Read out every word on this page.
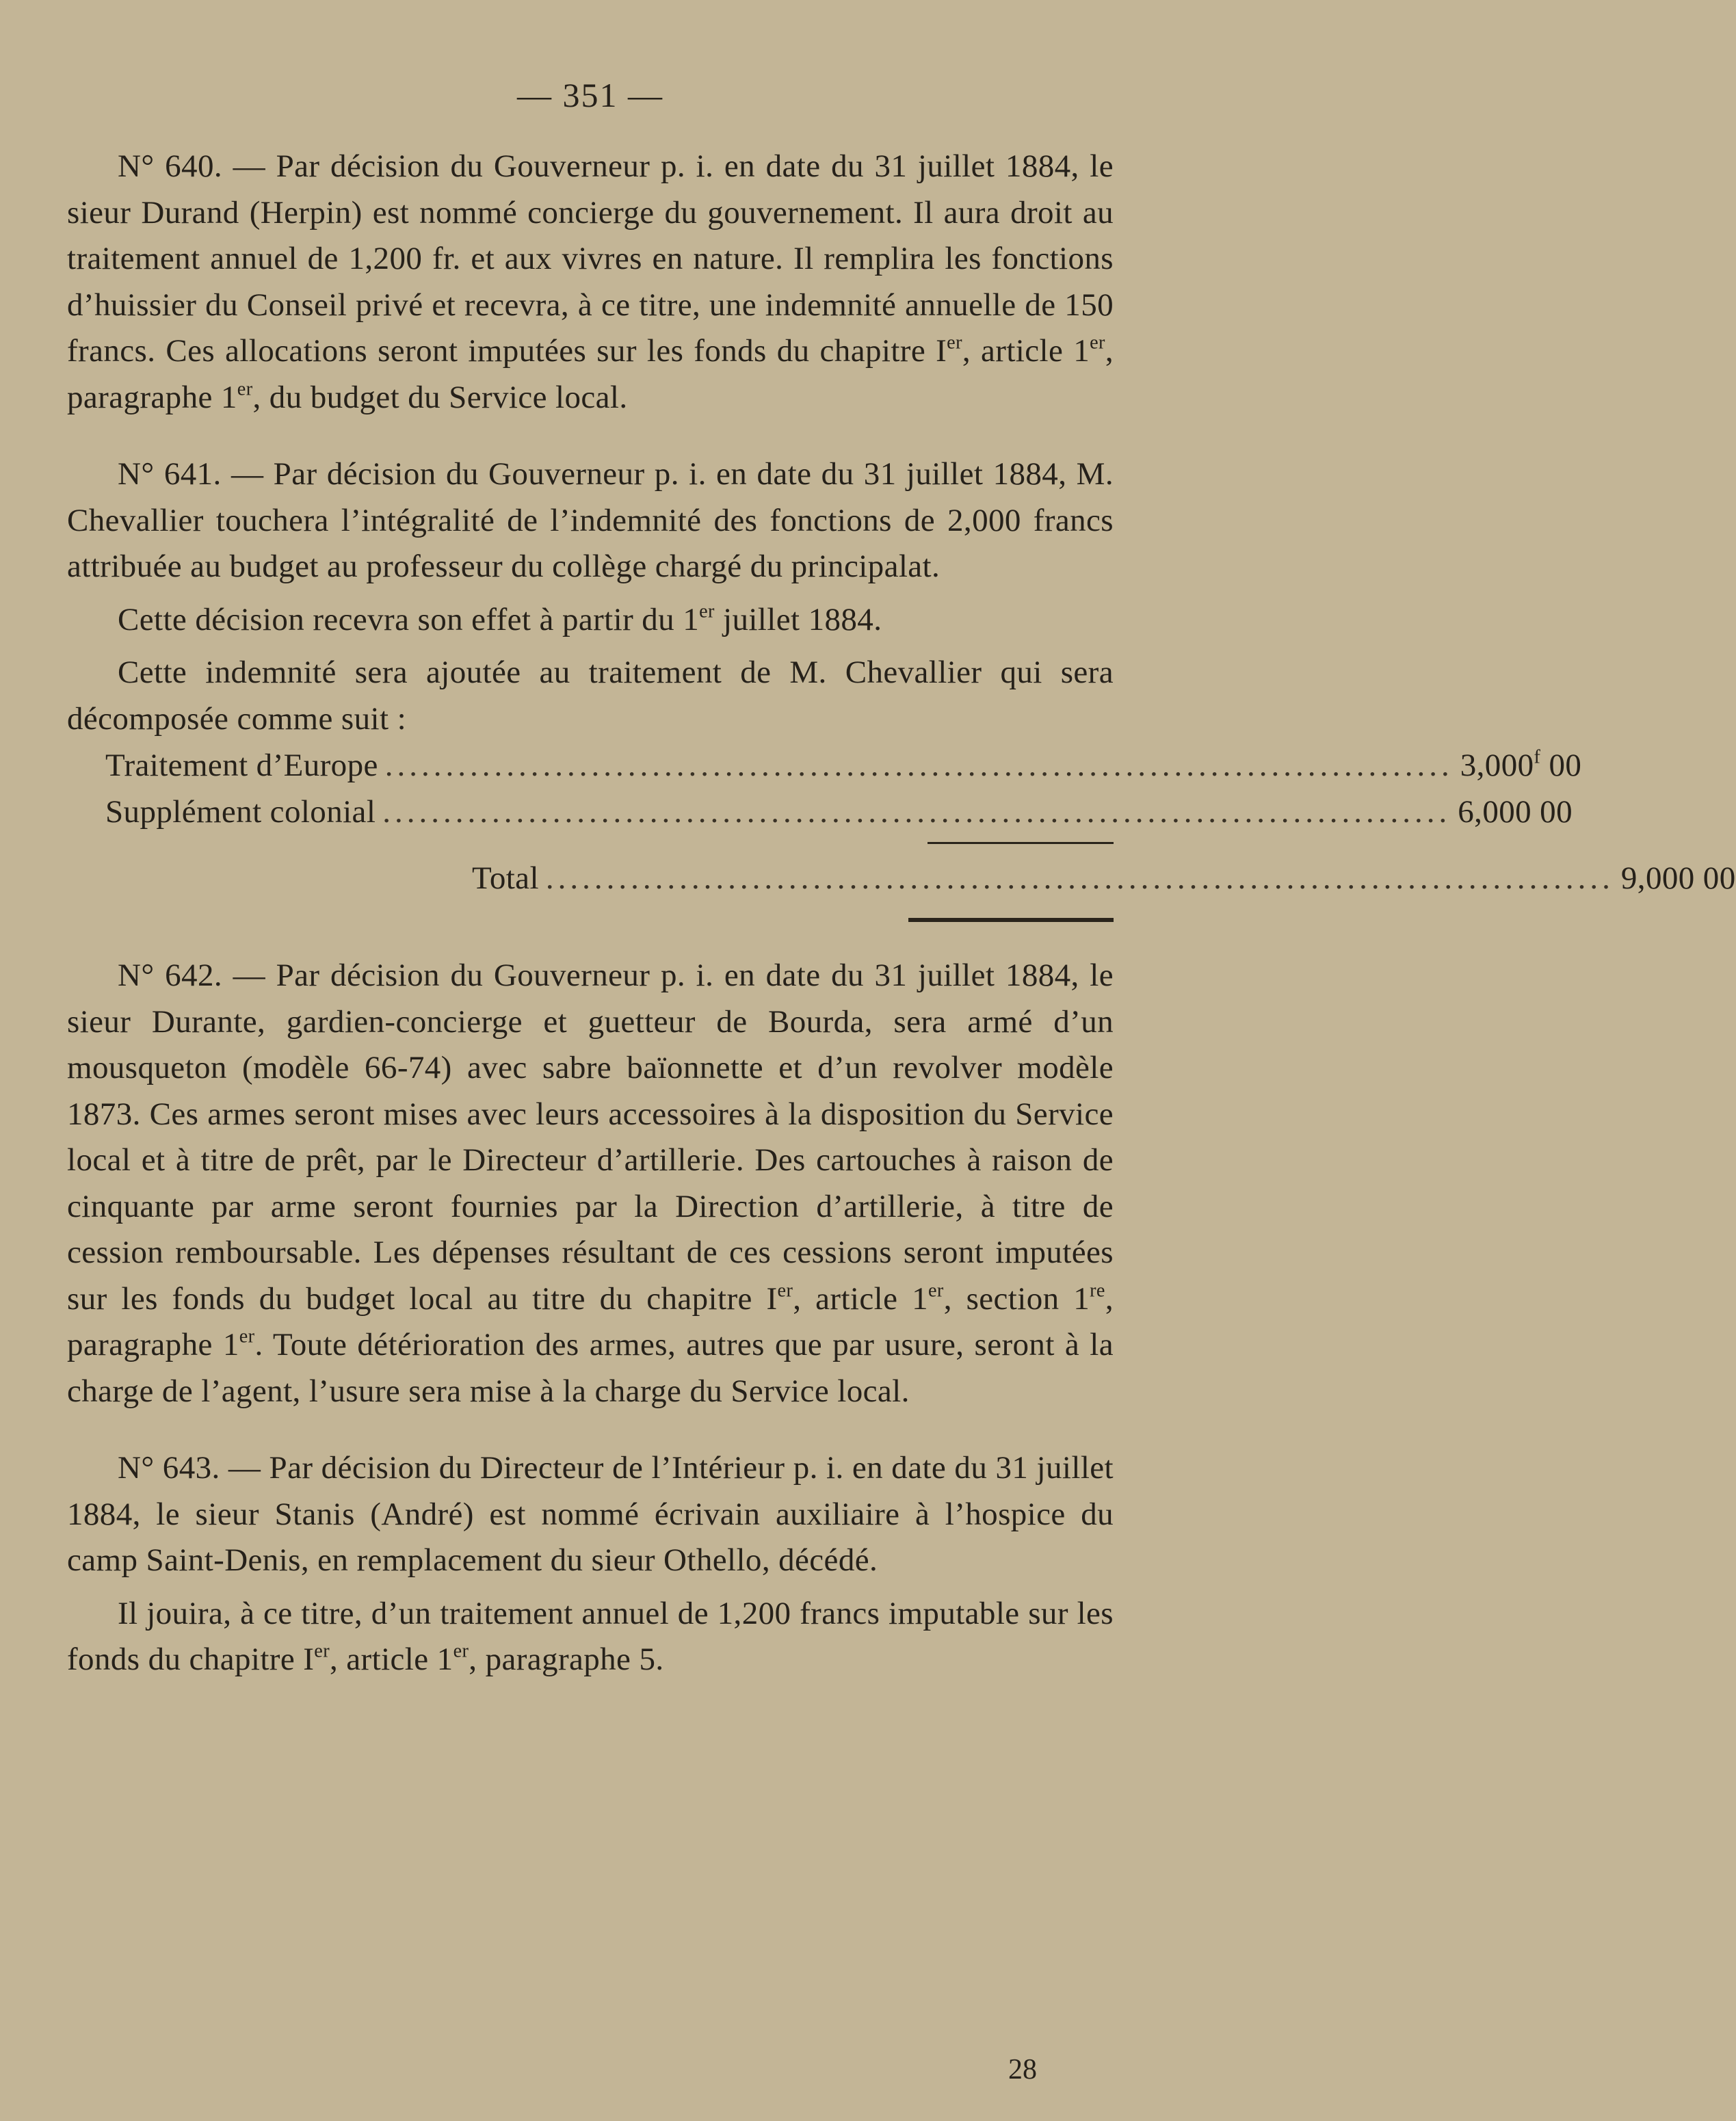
— 351 —

N° 640. — Par décision du Gouverneur p. i. en date du 31 juillet 1884, le sieur Durand (Herpin) est nommé concierge du gouvernement. Il aura droit au traitement annuel de 1,200 fr. et aux vivres en nature. Il remplira les fonctions d’huissier du Conseil privé et recevra, à ce titre, une indemnité annuelle de 150 francs. Ces allocations seront imputées sur les fonds du chapitre Ier, article 1er, paragraphe 1er, du budget du Service local.

N° 641. — Par décision du Gouverneur p. i. en date du 31 juillet 1884, M. Chevallier touchera l’intégralité de l’indemnité des fonctions de 2,000 francs attribuée au budget au professeur du collège chargé du principalat.

Cette décision recevra son effet à partir du 1er juillet 1884.

Cette indemnité sera ajoutée au traitement de M. Chevallier qui sera décomposée comme suit :

Traitement d’Europe ........................................................................................ 3,000$^f$ 00
Supplément colonial ........................................................................................ 6,000 00
Total ........................................................................................ 9,000 00

N° 642. — Par décision du Gouverneur p. i. en date du 31 juillet 1884, le sieur Durante, gardien-concierge et guetteur de Bourda, sera armé d’un mousqueton (modèle 66-74) avec sabre baïonnette et d’un revolver modèle 1873. Ces armes seront mises avec leurs accessoires à la disposition du Service local et à titre de prêt, par le Directeur d’artillerie. Des cartouches à raison de cinquante par arme seront fournies par la Direction d’artillerie, à titre de cession remboursable. Les dépenses résultant de ces cessions seront imputées sur les fonds du budget local au titre du chapitre Ier, article 1er, section 1re, paragraphe 1er. Toute détérioration des armes, autres que par usure, seront à la charge de l’agent, l’usure sera mise à la charge du Service local.

N° 643. — Par décision du Directeur de l’Intérieur p. i. en date du 31 juillet 1884, le sieur Stanis (André) est nommé écrivain auxiliaire à l’hospice du camp Saint-Denis, en remplacement du sieur Othello, décédé.

Il jouira, à ce titre, d’un traitement annuel de 1,200 francs imputable sur les fonds du chapitre Ier, article 1er, paragraphe 5.

28
